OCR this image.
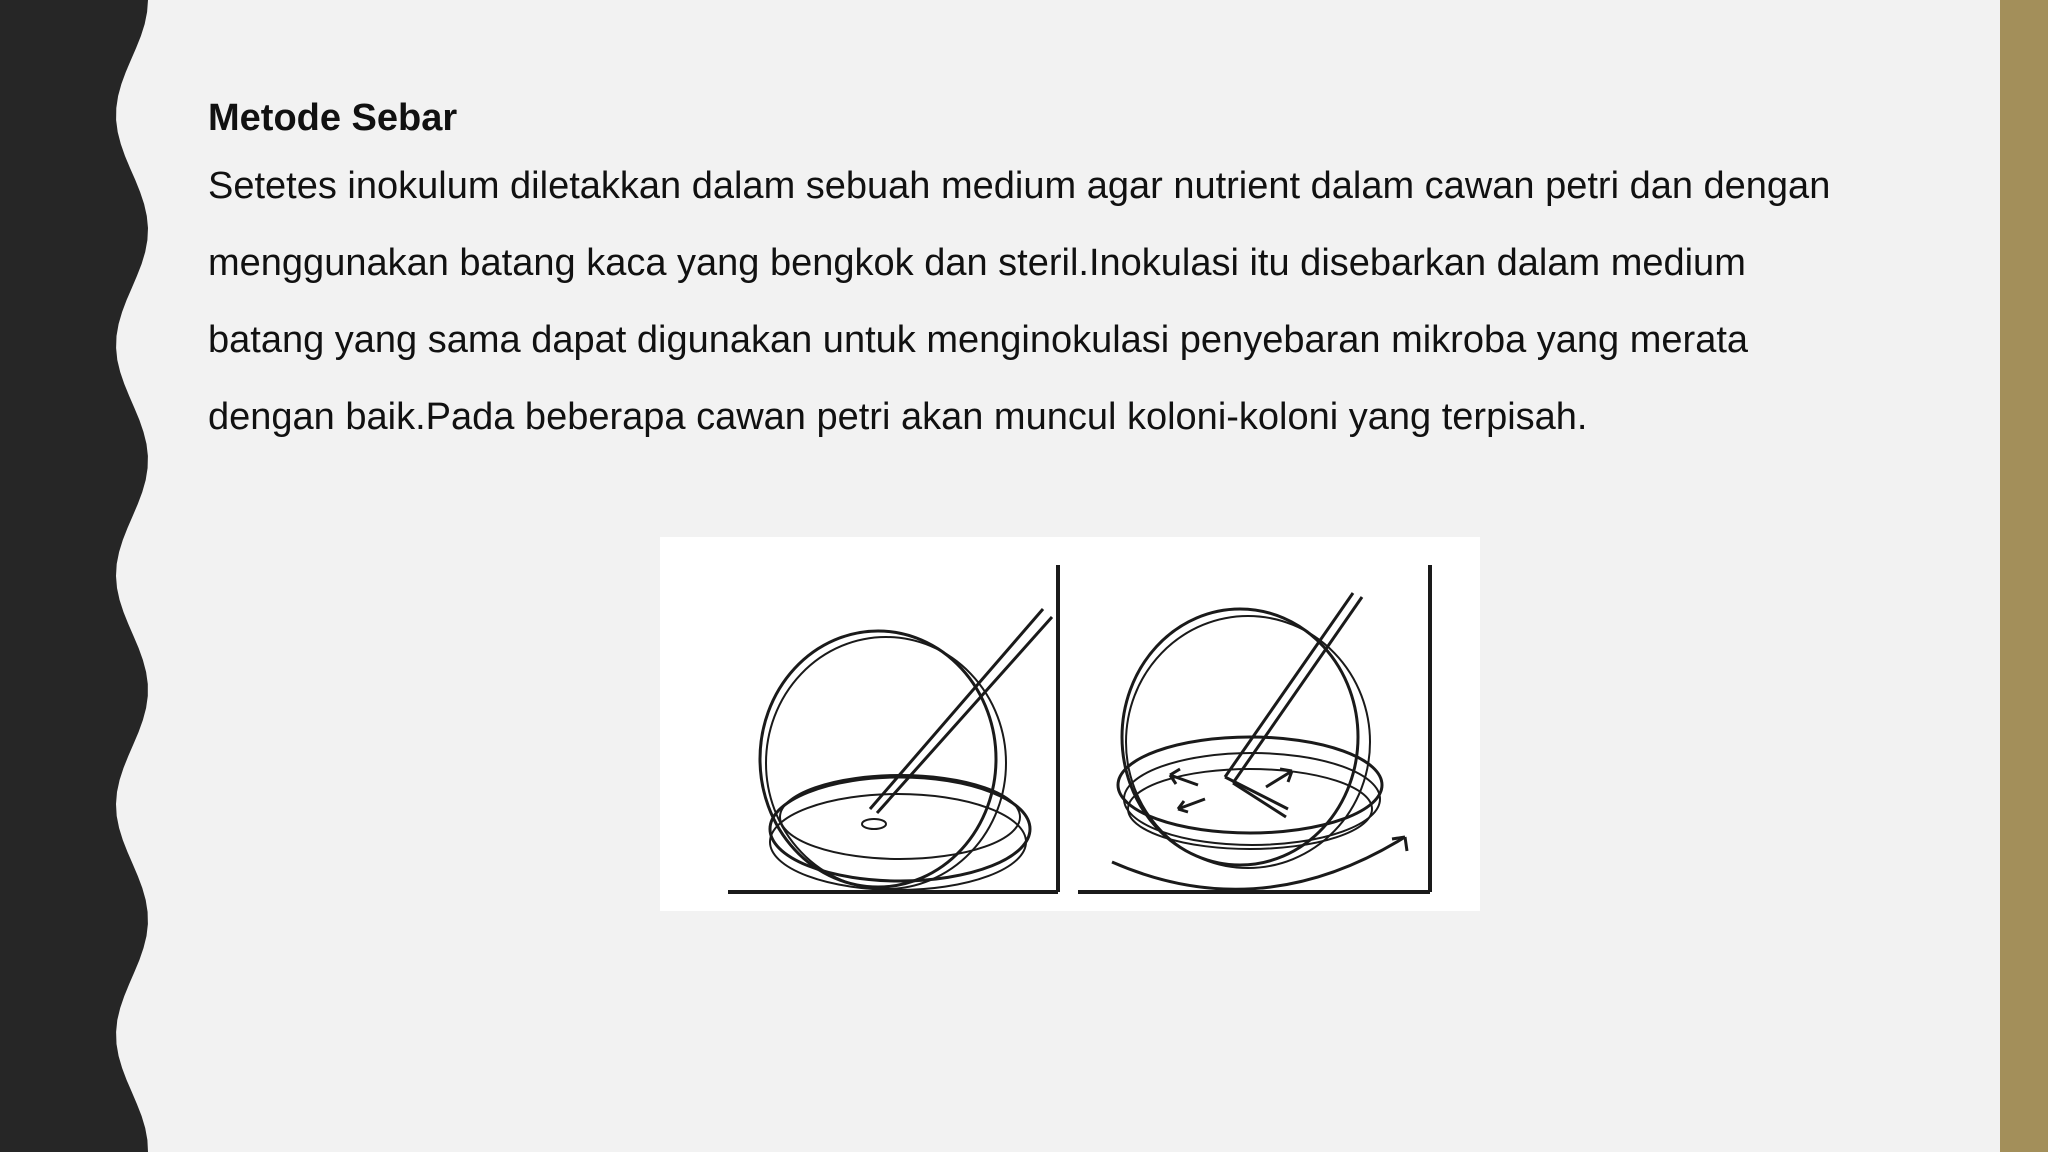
Metode Sebar

Setetes inokulum diletakkan dalam sebuah medium agar nutrient dalam cawan petri dan dengan

menggunakan batang kaca yang bengkok dan steril.Inokulasi itu disebarkan dalam medium

batang yang sama dapat digunakan untuk menginokulasi penyebaran mikroba yang merata

dengan baik.Pada beberapa cawan petri akan muncul koloni-koloni yang terpisah.
